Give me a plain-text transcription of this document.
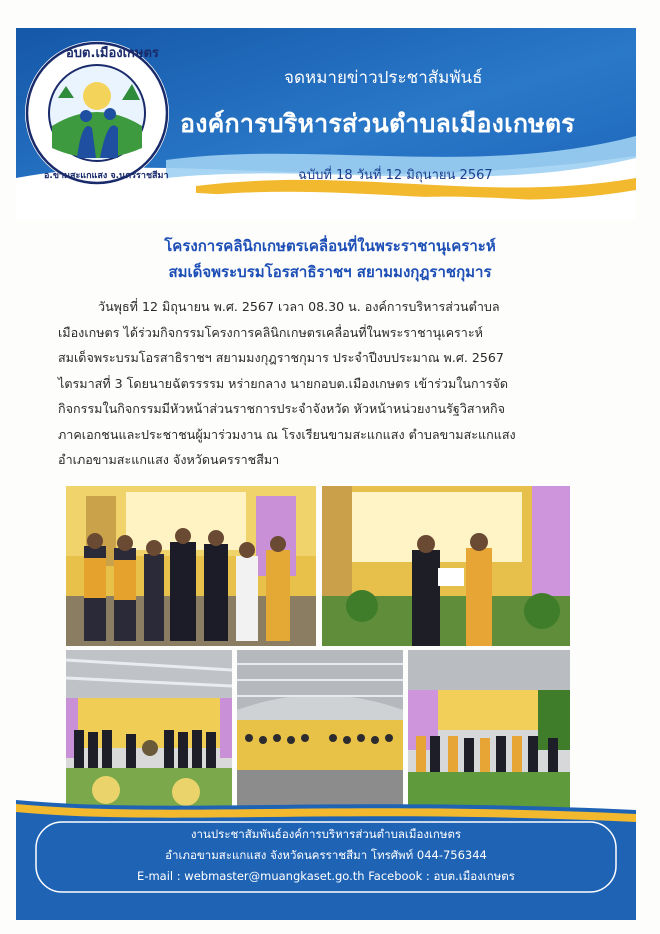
อบต.เมืองเกษตร
อ.ขามสะแกแสง จ.นครราชสีมา
จดหมายข่าวประชาสัมพันธ์
องค์การบริหารส่วนตำบลเมืองเกษตร
ฉบับที่ 18 วันที่ 12 มิถุนายน 2567
โครงการคลินิกเกษตรเคลื่อนที่ในพระราชานุเคราะห์
สมเด็จพระบรมโอรสาธิราชฯ สยามมงกุฎราชกุมาร

วันพุธที่ 12 มิถุนายน พ.ศ. 2567 เวลา 08.30 น. องค์การบริหารส่วนตำบล

เมืองเกษตร ได้ร่วมกิจกรรมโครงการคลินิกเกษตรเคลื่อนที่ในพระราชานุเคราะห์

สมเด็จพระบรมโอรสาธิราชฯ สยามมงกุฎราชกุมาร ประจำปีงบประมาณ พ.ศ. 2567

ไตรมาสที่ 3 โดยนายฉัตรรรรม หร่ายกลาง นายกอบต.เมืองเกษตร เข้าร่วมในการจัด

กิจกรรมในกิจกรรมมีหัวหน้าส่วนราชการประจำจังหวัด หัวหน้าหน่วยงานรัฐวิสาหกิจ

ภาคเอกชนและประชาชนผู้มาร่วมงาน ณ โรงเรียนขามสะแกแสง ตำบลขามสะแกแสง

อำเภอขามสะแกแสง จังหวัดนครราชสีมา

งานประชาสัมพันธ์องค์การบริหารส่วนตำบลเมืองเกษตร
อำเภอขามสะแกแสง จังหวัดนครราชสีมา โทรศัพท์ 044-756344
E-mail : webmaster@muangkaset.go.th Facebook : อบต.เมืองเกษตร
